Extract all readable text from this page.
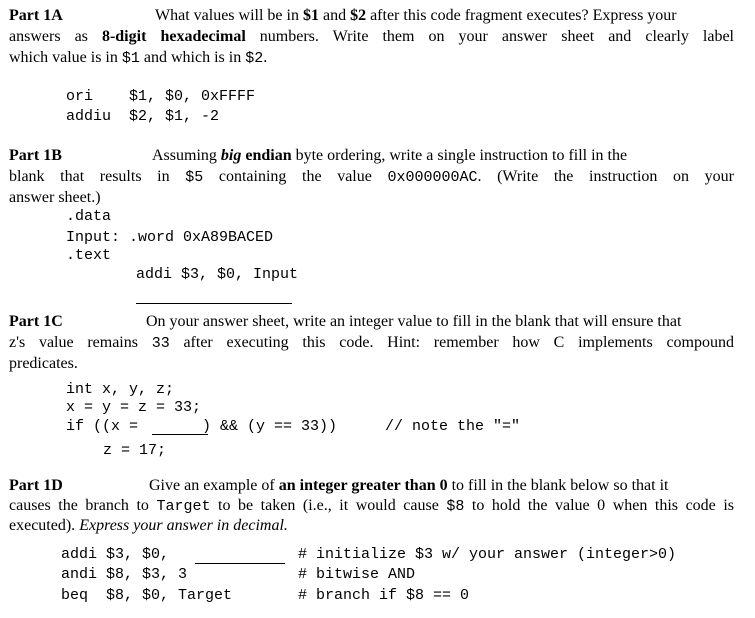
Part 1A	What values will be in $1 and $2 after this code fragment executes? Express your
answers as 8-digit hexadecimal numbers. Write them on your answer sheet and clearly label
which value is in $1 and which is in $2.
ori    $1, $0, 0xFFFF
addiu  $2, $1, -2
Part 1B	Assuming big endian byte ordering, write a single instruction to fill in the
blank that results in $5 containing the value 0x000000AC. (Write the instruction on your
answer sheet.)
.data
Input: .word 0xA89BACED
.text
addi $3, $0, Input
Part 1C	On your answer sheet, write an integer value to fill in the blank that will ensure that
z's value remains 33 after executing this code. Hint: remember how C implements compound
predicates.
int x, y, z;
x = y = z = 33;
if ((x =	) && (y == 33))	// note the "="
z = 17;
Part 1D	Give an example of an integer greater than 0 to fill in the blank below so that it
causes the branch to Target to be taken (i.e., it would cause $8 to hold the value 0 when this code is
executed). Express your answer in decimal.
addi $3, $0,	# initialize $3 w/ your answer (integer>0)
andi $8, $3, 3	# bitwise AND
beq  $8, $0, Target	# branch if $8 == 0
